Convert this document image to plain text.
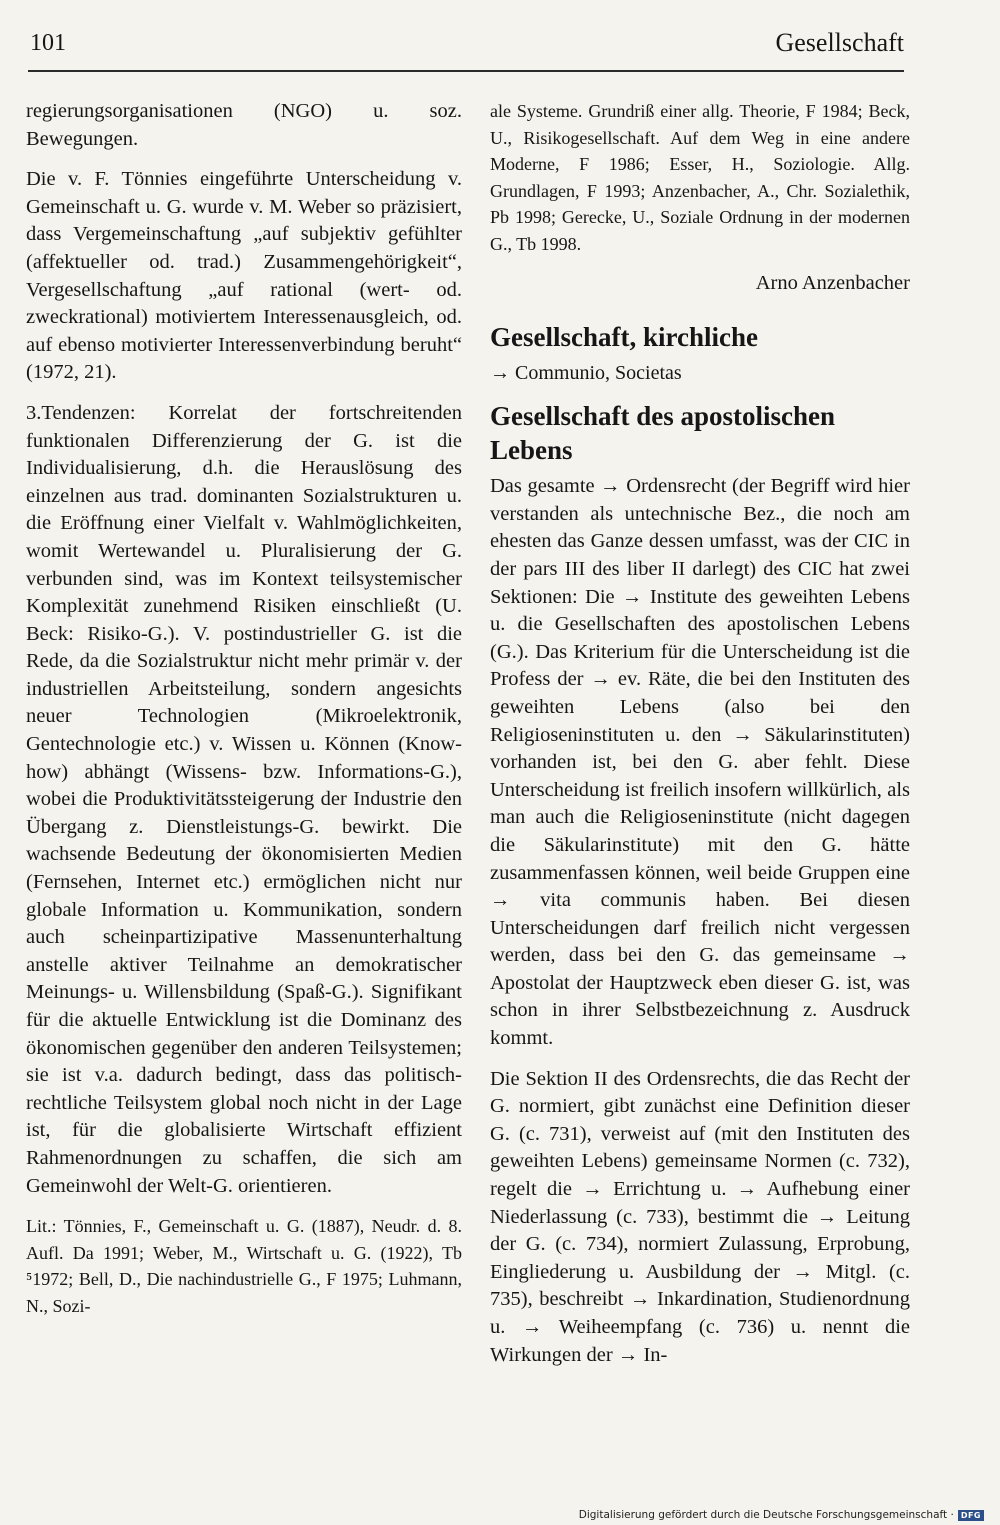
101	Gesellschaft

regierungsorganisationen (NGO) u. soz. Bewegungen.

Die v. F. Tönnies eingeführte Unterscheidung v. Gemeinschaft u. G. wurde v. M. Weber so präzisiert, dass Vergemeinschaftung „auf subjektiv gefühlter (affektueller od. trad.) Zusammengehörigkeit“, Vergesellschaftung „auf rational (wert- od. zweckrational) motiviertem Interessenausgleich, od. auf ebenso motivierter Interessenverbindung beruht“ (1972, 21).

3.Tendenzen: Korrelat der fortschreitenden funktionalen Differenzierung der G. ist die Individualisierung, d.h. die Herauslösung des einzelnen aus trad. dominanten Sozialstrukturen u. die Eröffnung einer Vielfalt v. Wahlmöglichkeiten, womit Wertewandel u. Pluralisierung der G. verbunden sind, was im Kontext teilsystemischer Komplexität zunehmend Risiken einschließt (U. Beck: Risiko-G.). V. postindustrieller G. ist die Rede, da die Sozialstruktur nicht mehr primär v. der industriellen Arbeitsteilung, sondern angesichts neuer Technologien (Mikroelektronik, Gentechnologie etc.) v. Wissen u. Können (Know-how) abhängt (Wissens- bzw. Informations-G.), wobei die Produktivitätssteigerung der Industrie den Übergang z. Dienstleistungs-G. bewirkt. Die wachsende Bedeutung der ökonomisierten Medien (Fernsehen, Internet etc.) ermöglichen nicht nur globale Information u. Kommunikation, sondern auch scheinpartizipative Massenunterhaltung anstelle aktiver Teilnahme an demokratischer Meinungs- u. Willensbildung (Spaß-G.). Signifikant für die aktuelle Entwicklung ist die Dominanz des ökonomischen gegenüber den anderen Teilsystemen; sie ist v.a. dadurch bedingt, dass das politisch-rechtliche Teilsystem global noch nicht in der Lage ist, für die globalisierte Wirtschaft effizient Rahmenordnungen zu schaffen, die sich am Gemeinwohl der Welt-G. orientieren.

Lit.: Tönnies, F., Gemeinschaft u. G. (1887), Neudr. d. 8. Aufl. Da 1991; Weber, M., Wirtschaft u. G. (1922), Tb ⁵1972; Bell, D., Die nachindustrielle G., F 1975; Luhmann, N., Sozi-

ale Systeme. Grundriß einer allg. Theorie, F 1984; Beck, U., Risikogesellschaft. Auf dem Weg in eine andere Moderne, F 1986; Esser, H., Soziologie. Allg. Grundlagen, F 1993; Anzenbacher, A., Chr. Sozialethik, Pb 1998; Gerecke, U., Soziale Ordnung in der modernen G., Tb 1998.

Arno Anzenbacher
Gesellschaft, kirchliche
→ Communio, Societas
Gesellschaft des apostolischen Lebens

Das gesamte → Ordensrecht (der Begriff wird hier verstanden als untechnische Bez., die noch am ehesten das Ganze dessen umfasst, was der CIC in der pars III des liber II darlegt) des CIC hat zwei Sektionen: Die → Institute des geweihten Lebens u. die Gesellschaften des apostolischen Lebens (G.). Das Kriterium für die Unterscheidung ist die Profess der → ev. Räte, die bei den Instituten des geweihten Lebens (also bei den Religioseninstituten u. den → Säkularinstituten) vorhanden ist, bei den G. aber fehlt. Diese Unterscheidung ist freilich insofern willkürlich, als man auch die Religioseninstitute (nicht dagegen die Säkularinstitute) mit den G. hätte zusammenfassen können, weil beide Gruppen eine → vita communis haben. Bei diesen Unterscheidungen darf freilich nicht vergessen werden, dass bei den G. das gemeinsame → Apostolat der Hauptzweck eben dieser G. ist, was schon in ihrer Selbstbezeichnung z. Ausdruck kommt.

Die Sektion II des Ordensrechts, die das Recht der G. normiert, gibt zunächst eine Definition dieser G. (c. 731), verweist auf (mit den Instituten des geweihten Lebens) gemeinsame Normen (c. 732), regelt die → Errichtung u. → Aufhebung einer Niederlassung (c. 733), bestimmt die → Leitung der G. (c. 734), normiert Zulassung, Erprobung, Eingliederung u. Ausbildung der → Mitgl. (c. 735), beschreibt → Inkardination, Studienordnung u. → Weiheempfang (c. 736) u. nennt die Wirkungen der → In-

Digitalisierung gefördert durch die Deutsche Forschungsgemeinschaft · DFG
